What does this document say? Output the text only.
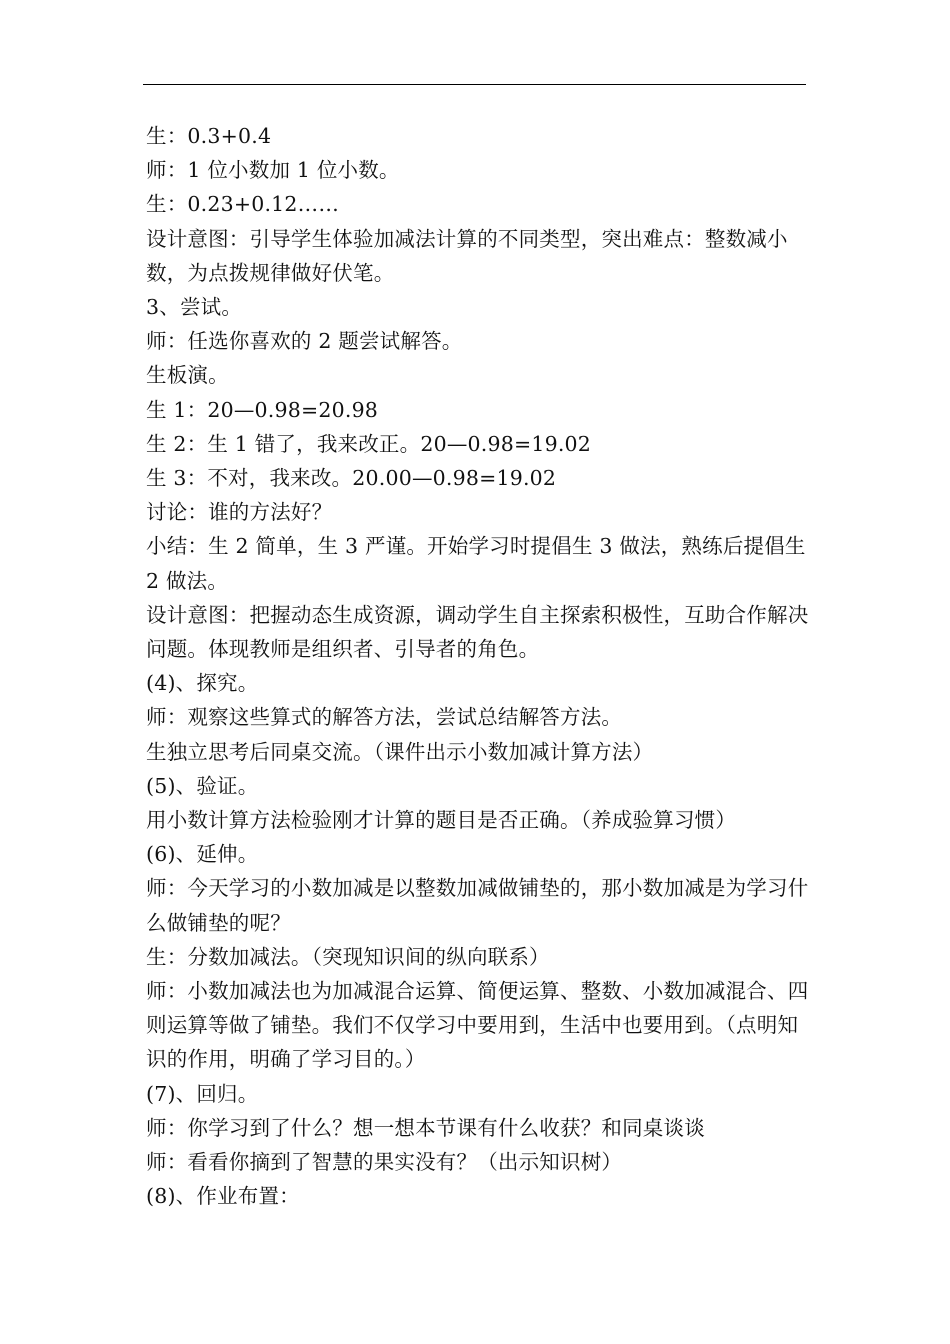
生：0.3+0.4

师：1 位小数加 1 位小数。

生：0.23+0.12……

设计意图：引导学生体验加减法计算的不同类型，突出难点：整数减小数，为点拨规律做好伏笔。

3、尝试。

师：任选你喜欢的 2 题尝试解答。

生板演。

生 1：20—0.98=20.98

生 2：生 1 错了，我来改正。20—0.98=19.02

生 3：不对，我来改。20.00—0.98=19.02

讨论：谁的方法好？

小结：生 2 简单，生 3 严谨。开始学习时提倡生 3 做法，熟练后提倡生 2 做法。

设计意图：把握动态生成资源，调动学生自主探索积极性，互助合作解决问题。体现教师是组织者、引导者的角色。

(4)、探究。

师：观察这些算式的解答方法，尝试总结解答方法。

生独立思考后同桌交流。（课件出示小数加减计算方法）

(5)、验证。

用小数计算方法检验刚才计算的题目是否正确。（养成验算习惯）

(6)、延伸。

师：今天学习的小数加减是以整数加减做铺垫的，那小数加减是为学习什么做铺垫的呢？

生：分数加减法。（突现知识间的纵向联系）

师：小数加减法也为加减混合运算、简便运算、整数、小数加减混合、四则运算等做了铺垫。我们不仅学习中要用到，生活中也要用到。（点明知识的作用，明确了学习目的。）

(7)、回归。

师：你学习到了什么？想一想本节课有什么收获？和同桌谈谈

师：看看你摘到了智慧的果实没有？（出示知识树）

(8)、作业布置：
